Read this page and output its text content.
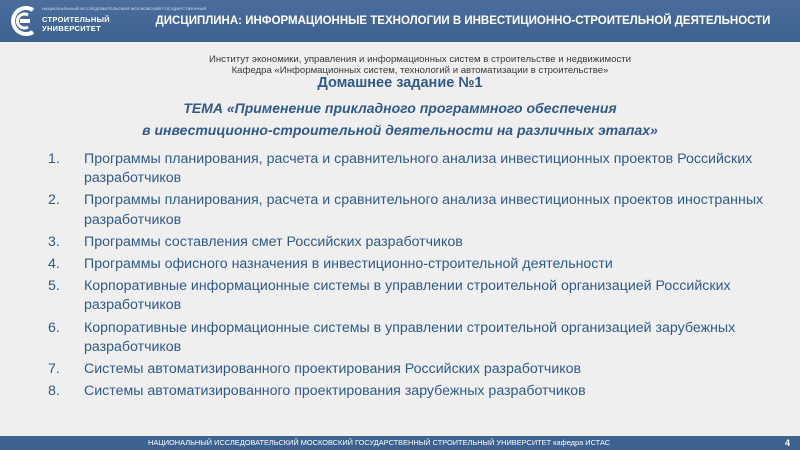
НАЦИОНАЛЬНЫЙ ИССЛЕДОВАТЕЛЬСКИЙ МОСКОВСКИЙ ГОСУДАРСТВЕННЫЙ
СТРОИТЕЛЬНЫЙ
УНИВЕРСИТЕТ
ДИСЦИПЛИНА: ИНФОРМАЦИОННЫЕ ТЕХНОЛОГИИ В ИНВЕСТИЦИОННО-СТРОИТЕЛЬНОЙ ДЕЯТЕЛЬНОСТИ
Институт экономики, управления и информационных систем в строительстве и недвижимости
Кафедра «Информационных систем, технологий и автоматизации в строительстве»
Домашнее задание №1
ТЕМА «Применение прикладного программного обеспечения
в инвестиционно-строительной деятельности на различных этапах»
1. Программы планирования, расчета и сравнительного анализа инвестиционных проектов Российских разработчиков
2. Программы планирования, расчета и сравнительного анализа инвестиционных проектов иностранных разработчиков
3. Программы составления смет Российских разработчиков
4. Программы офисного назначения в инвестиционно-строительной деятельности
5. Корпоративные информационные системы в управлении строительной организацией Российских разработчиков
6. Корпоративные информационные системы в управлении строительной организацией зарубежных разработчиков
7. Системы автоматизированного проектирования Российских разработчиков
8. Системы автоматизированного проектирования зарубежных разработчиков
НАЦИОНАЛЬНЫЙ ИССЛЕДОВАТЕЛЬСКИЙ МОСКОВСКИЙ ГОСУДАРСТВЕННЫЙ СТРОИТЕЛЬНЫЙ УНИВЕРСИТЕТ кафедра ИСТАС	4
